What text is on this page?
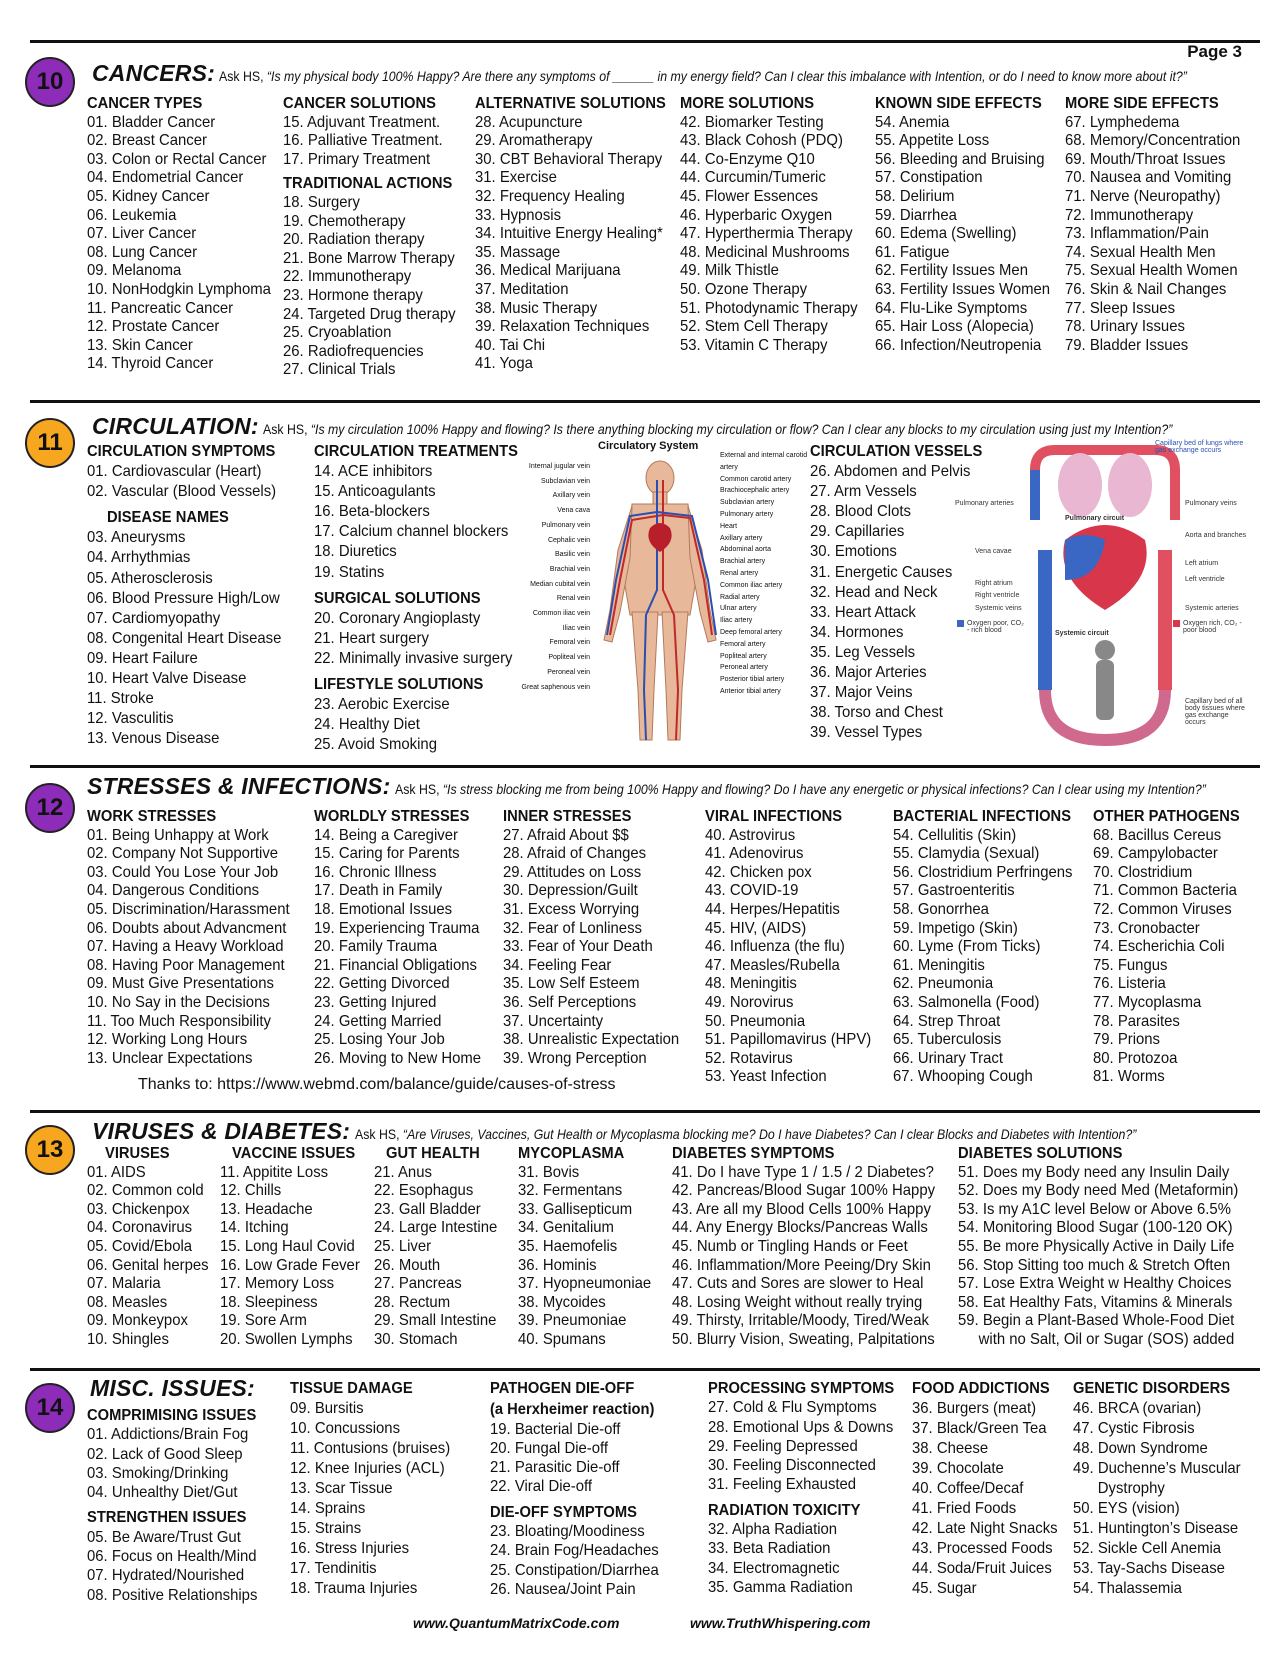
Page 3
10	CANCERS: Ask HS, “Is my physical body 100% Happy? Are there any symptoms of ______ in my energy field? Can I clear this imbalance with Intention, or do I need to know more about it?”
CANCER TYPES
01. Bladder Cancer
02. Breast Cancer
03. Colon or Rectal Cancer
04. Endometrial Cancer
05. Kidney Cancer
06. Leukemia
07. Liver Cancer
08. Lung Cancer
09. Melanoma
10. NonHodgkin Lymphoma
11. Pancreatic Cancer
12. Prostate Cancer
13. Skin Cancer
14. Thyroid Cancer
CANCER SOLUTIONS
15. Adjuvant Treatment.
16. Palliative Treatment.
17. Primary Treatment
TRADITIONAL ACTIONS
18. Surgery
19. Chemotherapy
20. Radiation therapy
21. Bone Marrow Therapy
22. Immunotherapy
23. Hormone therapy
24. Targeted Drug therapy
25. Cryoablation
26. Radiofrequencies
27. Clinical Trials
ALTERNATIVE SOLUTIONS
28. Acupuncture
29. Aromatherapy
30. CBT Behavioral Therapy
31. Exercise
32. Frequency Healing
33. Hypnosis
34. Intuitive Energy Healing*
35. Massage
36. Medical Marijuana
37. Meditation
38. Music Therapy
39. Relaxation Techniques
40. Tai Chi
41. Yoga
MORE SOLUTIONS
42. Biomarker Testing
43. Black Cohosh (PDQ)
44. Co-Enzyme Q10
44. Curcumin/Tumeric
45. Flower Essences
46. Hyperbaric Oxygen
47. Hyperthermia Therapy
48. Medicinal Mushrooms
49. Milk Thistle
50. Ozone Therapy
51. Photodynamic Therapy
52. Stem Cell Therapy
53. Vitamin C Therapy
KNOWN SIDE EFFECTS
54. Anemia
55. Appetite Loss
56. Bleeding and Bruising
57. Constipation
58. Delirium
59. Diarrhea
60. Edema (Swelling)
61. Fatigue
62. Fertility Issues Men
63. Fertility Issues Women
64. Flu-Like Symptoms
65. Hair Loss (Alopecia)
66. Infection/Neutropenia
MORE SIDE EFFECTS
67. Lymphedema
68. Memory/Concentration
69. Mouth/Throat Issues
70. Nausea and Vomiting
71. Nerve (Neuropathy)
72. Immunotherapy
73. Inflammation/Pain
74. Sexual Health Men
75. Sexual Health Women
76. Skin & Nail Changes
77. Sleep Issues
78. Urinary Issues
79. Bladder Issues
11
CIRCULATION: Ask HS, “Is my circulation 100% Happy and flowing? Is there anything blocking my circulation or flow? Can I clear any blocks to my circulation using just my Intention?”
CIRCULATION SYMPTOMS
01. Cardiovascular (Heart)
02. Vascular (Blood Vessels)
DISEASE NAMES
03. Aneurysms
04. Arrhythmias
05. Atherosclerosis
06. Blood Pressure High/Low
07. Cardiomyopathy
08. Congenital Heart Disease
09. Heart Failure
10. Heart Valve Disease
11. Stroke
12. Vasculitis
13. Venous Disease
CIRCULATION TREATMENTS
14. ACE inhibitors
15. Anticoagulants
16. Beta-blockers
17. Calcium channel blockers
18. Diuretics
19. Statins
SURGICAL SOLUTIONS
20. Coronary Angioplasty
21. Heart surgery
22. Minimally invasive surgery
LIFESTYLE SOLUTIONS
23. Aerobic Exercise
24. Healthy Diet
25. Avoid Smoking
Circulatory System
Internal jugular vein
Subclavian vein
Axillary vein
Vena cava
Pulmonary vein
Cephalic vein
Basilic vein
Brachial vein
Median cubital vein
Renal vein
Common iliac vein
Iliac vein
Femoral vein
Popliteal vein
Peroneal vein
Great saphenous vein
External and internal carotid artery
Common carotid artery
Brachiocephalic artery
Subclavian artery
Pulmonary artery
Heart
Axillary artery
Abdominal aorta
Brachial artery
Renal artery
Common iliac artery
Radial artery
Ulnar artery
Iliac artery
Deep femoral artery
Femoral artery
Popliteal artery
Peroneal artery
Posterior tibial artery
Anterior tibial artery
CIRCULATION VESSELS
26. Abdomen and Pelvis
27. Arm Vessels
28. Blood Clots
29. Capillaries
30. Emotions
31. Energetic Causes
32. Head and Neck
33. Heart Attack
34. Hormones
35. Leg Vessels
36. Major Arteries
37. Major Veins
38. Torso and Chest
39. Vessel Types
Capillary bed of lungs where gas exchange occurs
Pulmonary arteries	Pulmonary veins
Pulmonary circuit
Aorta and branches
Vena cavae
Left atrium
Left ventricle
Right atrium
Right ventricle
Systemic veins	Systemic arteries
Oxygen poor, CO₂ - rich blood
Oxygen rich, CO₂ - poor blood
Systemic circuit
Capillary bed of all body tissues where gas exchange occurs
12
STRESSES & INFECTIONS: Ask HS, “Is stress blocking me from being 100% Happy and flowing? Do I have any energetic or physical infections? Can I clear using my Intention?”
WORK STRESSES
01. Being Unhappy at Work
02. Company Not Supportive
03. Could You Lose Your Job
04. Dangerous Conditions
05. Discrimination/Harassment
06. Doubts about Advancment
07. Having a Heavy Workload
08. Having Poor Management
09. Must Give Presentations
10. No Say in the Decisions
11. Too Much Responsibility
12. Working Long Hours
13. Unclear Expectations
WORLDLY STRESSES
14. Being a Caregiver
15. Caring for Parents
16. Chronic Illness
17. Death in Family
18. Emotional Issues
19. Experiencing Trauma
20. Family Trauma
21. Financial Obligations
22. Getting Divorced
23. Getting Injured
24. Getting Married
25. Losing Your Job
26. Moving to New Home
INNER STRESSES
27. Afraid About $$
28. Afraid of Changes
29. Attitudes on Loss
30. Depression/Guilt
31. Excess Worrying
32. Fear of Lonliness
33. Fear of Your Death
34. Feeling Fear
35. Low Self Esteem
36. Self Perceptions
37. Uncertainty
38. Unrealistic Expectation
39. Wrong Perception
VIRAL INFECTIONS
40. Astrovirus
41. Adenovirus
42. Chicken pox
43. COVID-19
44. Herpes/Hepatitis
45. HIV, (AIDS)
46. Influenza (the flu)
47. Measles/Rubella
48. Meningitis
49. Norovirus
50. Pneumonia
51. Papillomavirus (HPV)
52. Rotavirus
53. Yeast Infection
BACTERIAL INFECTIONS
54. Cellulitis (Skin)
55. Clamydia (Sexual)
56. Clostridium Perfringens
57. Gastroenteritis
58. Gonorrhea
59. Impetigo (Skin)
60. Lyme (From Ticks)
61. Meningitis
62. Pneumonia
63. Salmonella (Food)
64. Strep Throat
65. Tuberculosis
66. Urinary Tract
67. Whooping Cough
OTHER PATHOGENS
68. Bacillus Cereus
69. Campylobacter
70. Clostridium
71. Common Bacteria
72. Common Viruses
73. Cronobacter
74. Escherichia Coli
75. Fungus
76. Listeria
77. Mycoplasma
78. Parasites
79. Prions
80. Protozoa
81. Worms
Thanks to: https://www.webmd.com/balance/guide/causes-of-stress
13
VIRUSES & DIABETES: Ask HS, “Are Viruses, Vaccines, Gut Health or Mycoplasma blocking me? Do I have Diabetes? Can I clear Blocks and Diabetes with Intention?”
VIRUSES
01. AIDS
02. Common cold
03. Chickenpox
04. Coronavirus
05. Covid/Ebola
06. Genital herpes
07. Malaria
08. Measles
09. Monkeypox
10. Shingles
VACCINE ISSUES
11. Appitite Loss
12. Chills
13. Headache
14. Itching
15. Long Haul Covid
16. Low Grade Fever
17. Memory Loss
18. Sleepiness
19. Sore Arm
20. Swollen Lymphs
GUT HEALTH
21. Anus
22. Esophagus
23. Gall Bladder
24. Large Intestine
25. Liver
26. Mouth
27. Pancreas
28. Rectum
29. Small Intestine
30. Stomach
MYCOPLASMA
31. Bovis
32. Fermentans
33. Gallisepticum
34. Genitalium
35. Haemofelis
36. Hominis
37. Hyopneumoniae
38. Mycoides
39. Pneumoniae
40. Spumans
DIABETES SYMPTOMS
41. Do I have Type 1 / 1.5 / 2 Diabetes?
42. Pancreas/Blood Sugar 100% Happy
43. Are all my Blood Cells 100% Happy
44. Any Energy Blocks/Pancreas Walls
45. Numb or Tingling Hands or Feet
46. Inflammation/More Peeing/Dry Skin
47. Cuts and Sores are slower to Heal
48. Losing Weight without really trying
49. Thirsty, Irritable/Moody, Tired/Weak
50. Blurry Vision, Sweating, Palpitations
DIABETES SOLUTIONS
51. Does my Body need any Insulin Daily
52. Does my Body need Med (Metaformin)
53. Is my A1C level Below or Above 6.5%
54. Monitoring Blood Sugar (100-120 OK)
55. Be more Physically Active in Daily Life
56. Stop Sitting too much & Stretch Often
57. Lose Extra Weight w Healthy Choices
58. Eat Healthy Fats, Vitamins & Minerals
59. Begin a Plant-Based Whole-Food Diet
with no Salt, Oil or Sugar (SOS) added
14
MISC. ISSUES:
COMPRIMISING ISSUES
01. Addictions/Brain Fog
02. Lack of Good Sleep
03. Smoking/Drinking
04. Unhealthy Diet/Gut
STRENGTHEN ISSUES
05. Be Aware/Trust Gut
06. Focus on Health/Mind
07. Hydrated/Nourished
08. Positive Relationships
TISSUE DAMAGE
09. Bursitis
10. Concussions
11. Contusions (bruises)
12. Knee Injuries (ACL)
13. Scar Tissue
14. Sprains
15. Strains
16. Stress Injuries
17. Tendinitis
18. Trauma Injuries
PATHOGEN DIE-OFF
(a Herxheimer reaction)
19. Bacterial Die-off
20. Fungal Die-off
21. Parasitic Die-off
22. Viral Die-off
DIE-OFF SYMPTOMS
23. Bloating/Moodiness
24. Brain Fog/Headaches
25. Constipation/Diarrhea
26. Nausea/Joint Pain
PROCESSING SYMPTOMS
27. Cold & Flu Symptoms
28. Emotional Ups & Downs
29. Feeling Depressed
30. Feeling Disconnected
31. Feeling Exhausted
RADIATION TOXICITY
32. Alpha Radiation
33. Beta Radiation
34. Electromagnetic
35. Gamma Radiation
FOOD ADDICTIONS
36. Burgers (meat)
37. Black/Green Tea
38. Cheese
39. Chocolate
40. Coffee/Decaf
41. Fried Foods
42. Late Night Snacks
43. Processed Foods
44. Soda/Fruit Juices
45. Sugar
GENETIC DISORDERS
46. BRCA (ovarian)
47. Cystic Fibrosis
48. Down Syndrome
49. Duchenne’s Muscular
Dystrophy
50. EYS (vision)
51. Huntington’s Disease
52. Sickle Cell Anemia
53. Tay-Sachs Disease
54. Thalassemia
www.QuantumMatrixCode.com	www.TruthWhispering.com
